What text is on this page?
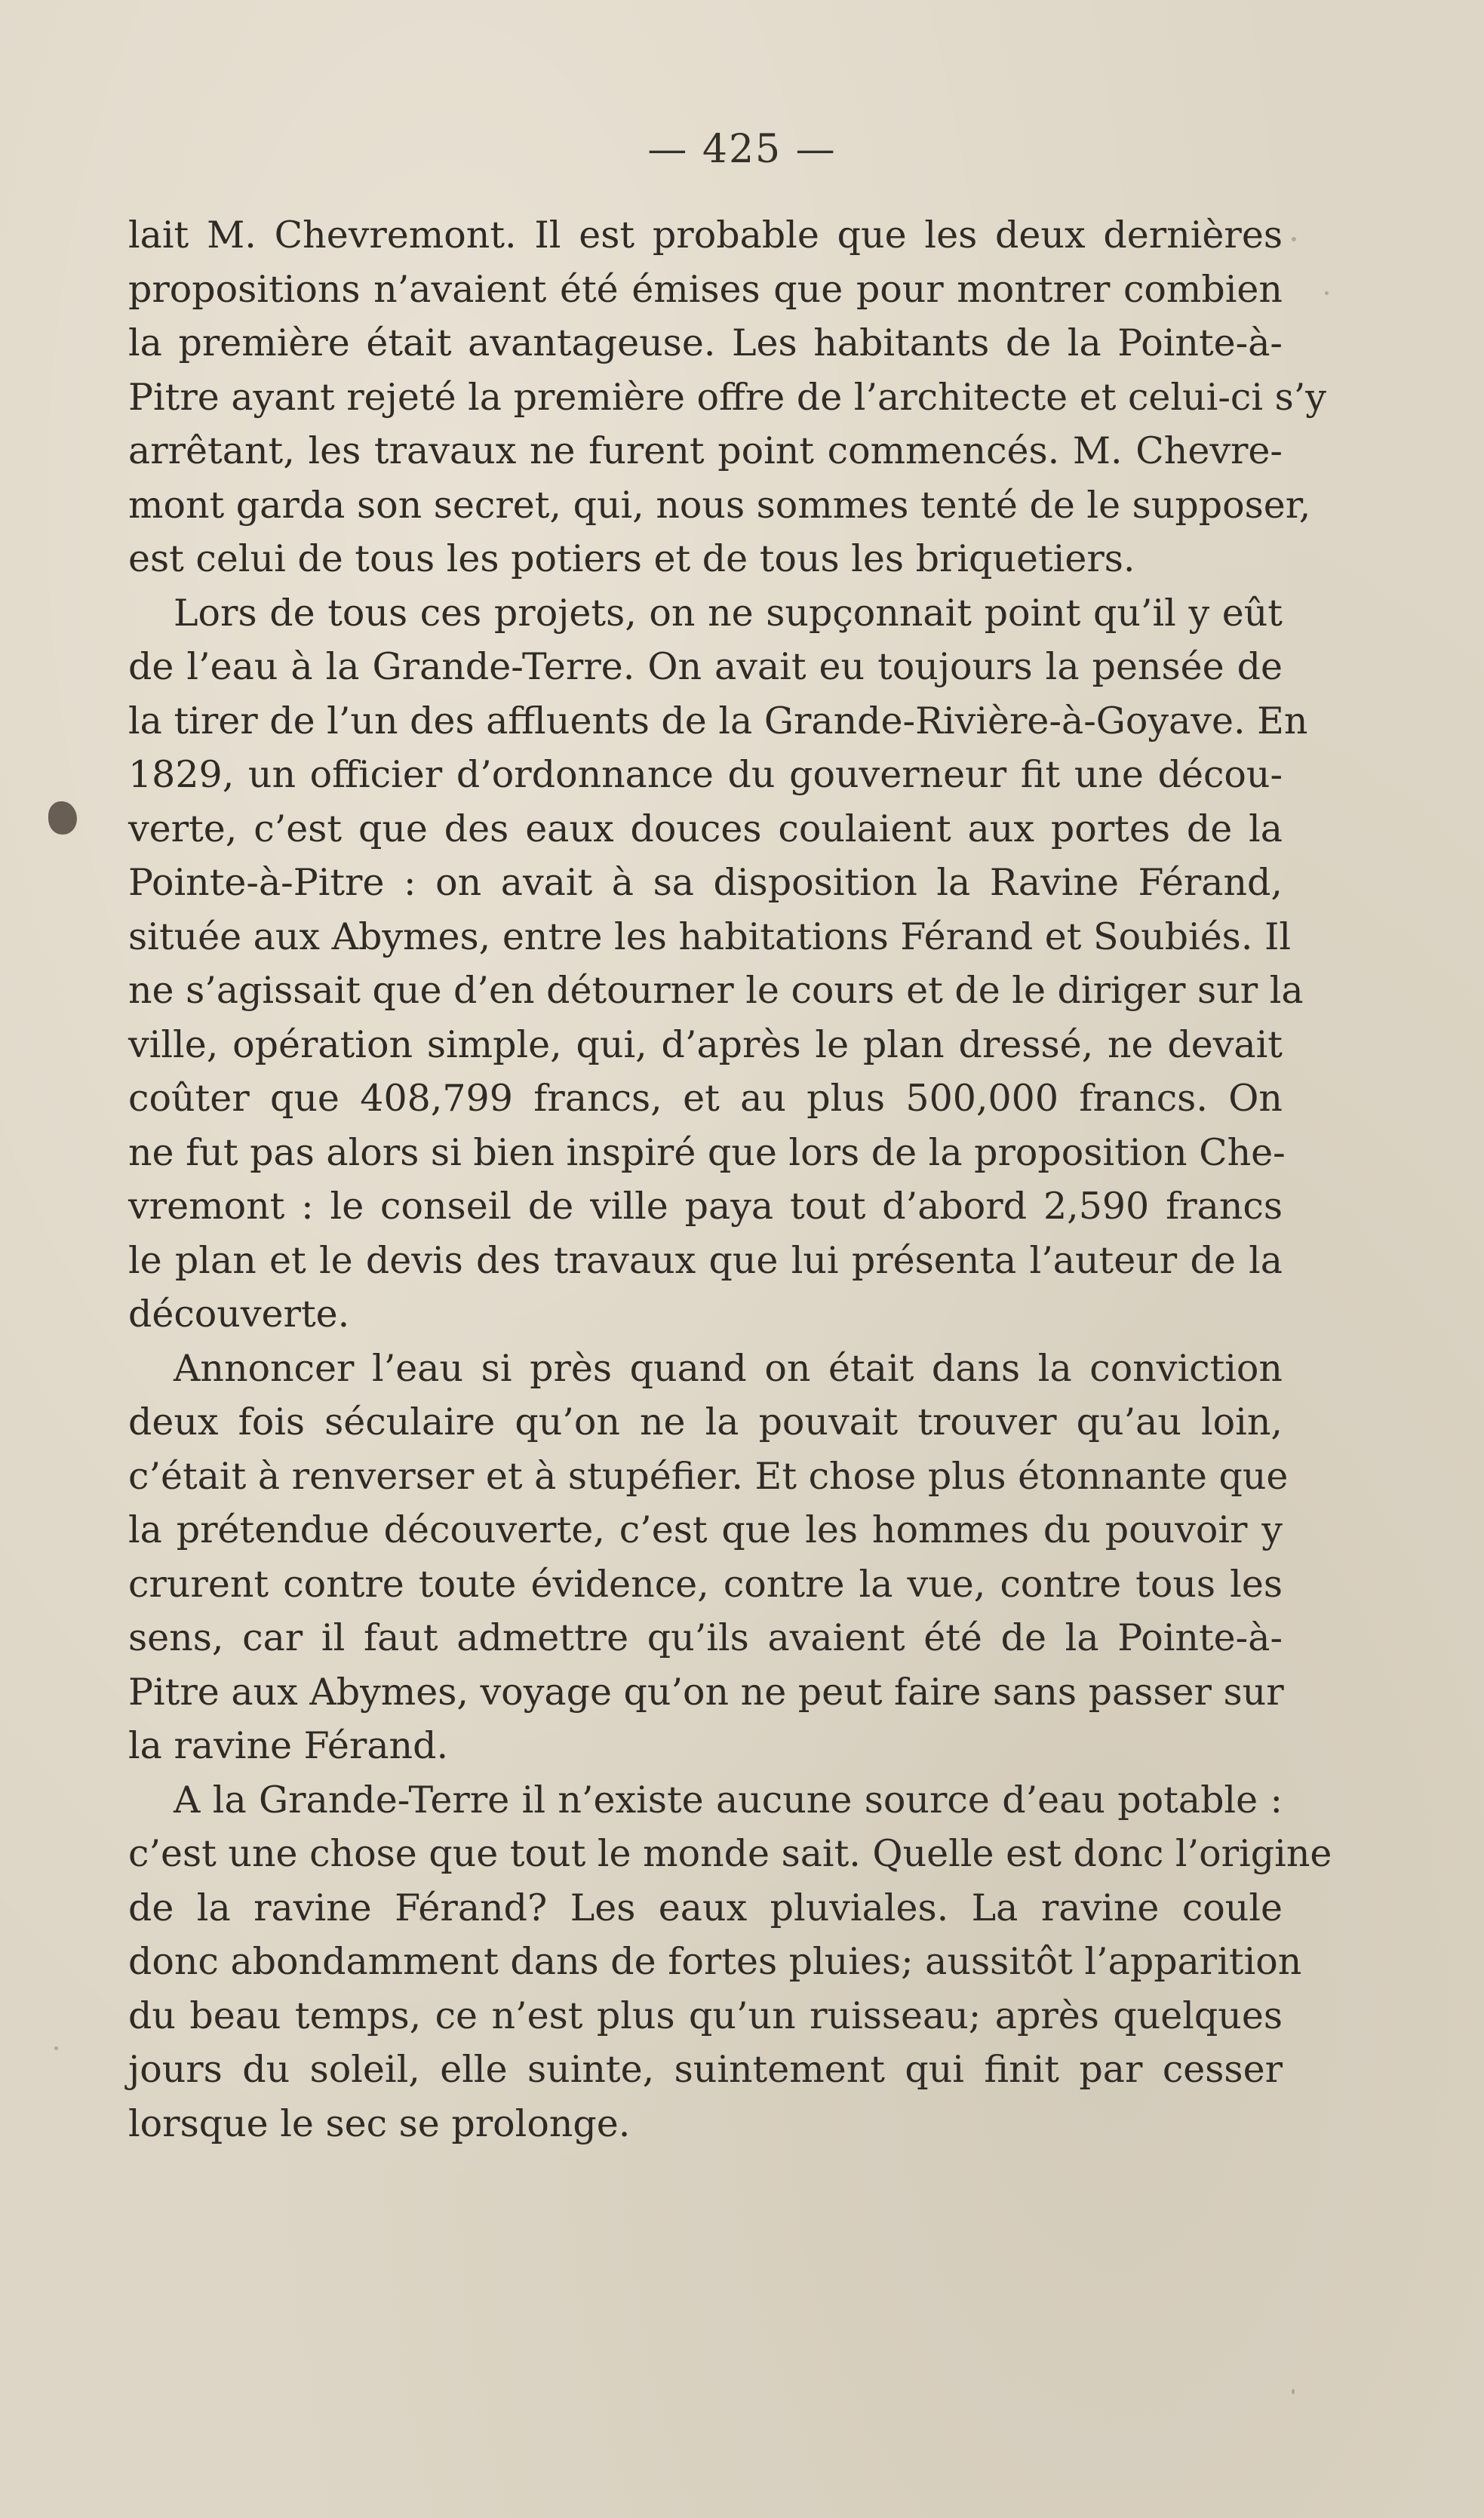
— 425 —
lait M. Chevremont. Il est probable que les deux dernières
propositions n’avaient été émises que pour montrer combien
la première était avantageuse. Les habitants de la Pointe-à-
Pitre ayant rejeté la première offre de l’architecte et celui-ci s’y
arrêtant, les travaux ne furent point commencés. M. Chevre-
mont garda son secret, qui, nous sommes tenté de le supposer,
est celui de tous les potiers et de tous les briquetiers.
Lors de tous ces projets, on ne supçonnait point qu’il y eût
de l’eau à la Grande-Terre. On avait eu toujours la pensée de
la tirer de l’un des affluents de la Grande-Rivière-à-Goyave. En
1829, un officier d’ordonnance du gouverneur fit une décou-
verte, c’est que des eaux douces coulaient aux portes de la
Pointe-à-Pitre : on avait à sa disposition la Ravine Férand,
située aux Abymes, entre les habitations Férand et Soubiés. Il
ne s’agissait que d’en détourner le cours et de le diriger sur la
ville, opération simple, qui, d’après le plan dressé, ne devait
coûter que 408,799 francs, et au plus 500,000 francs. On
ne fut pas alors si bien inspiré que lors de la proposition Che-
vremont : le conseil de ville paya tout d’abord 2,590 francs
le plan et le devis des travaux que lui présenta l’auteur de la
découverte.
Annoncer l’eau si près quand on était dans la conviction
deux fois séculaire qu’on ne la pouvait trouver qu’au loin,
c’était à renverser et à stupéfier. Et chose plus étonnante que
la prétendue découverte, c’est que les hommes du pouvoir y
crurent contre toute évidence, contre la vue, contre tous les
sens, car il faut admettre qu’ils avaient été de la Pointe-à-
Pitre aux Abymes, voyage qu’on ne peut faire sans passer sur
la ravine Férand.
A la Grande-Terre il n’existe aucune source d’eau potable :
c’est une chose que tout le monde sait. Quelle est donc l’origine
de la ravine Férand? Les eaux pluviales. La ravine coule
donc abondamment dans de fortes pluies; aussitôt l’apparition
du beau temps, ce n’est plus qu’un ruisseau; après quelques
jours du soleil, elle suinte, suintement qui finit par cesser
lorsque le sec se prolonge.
